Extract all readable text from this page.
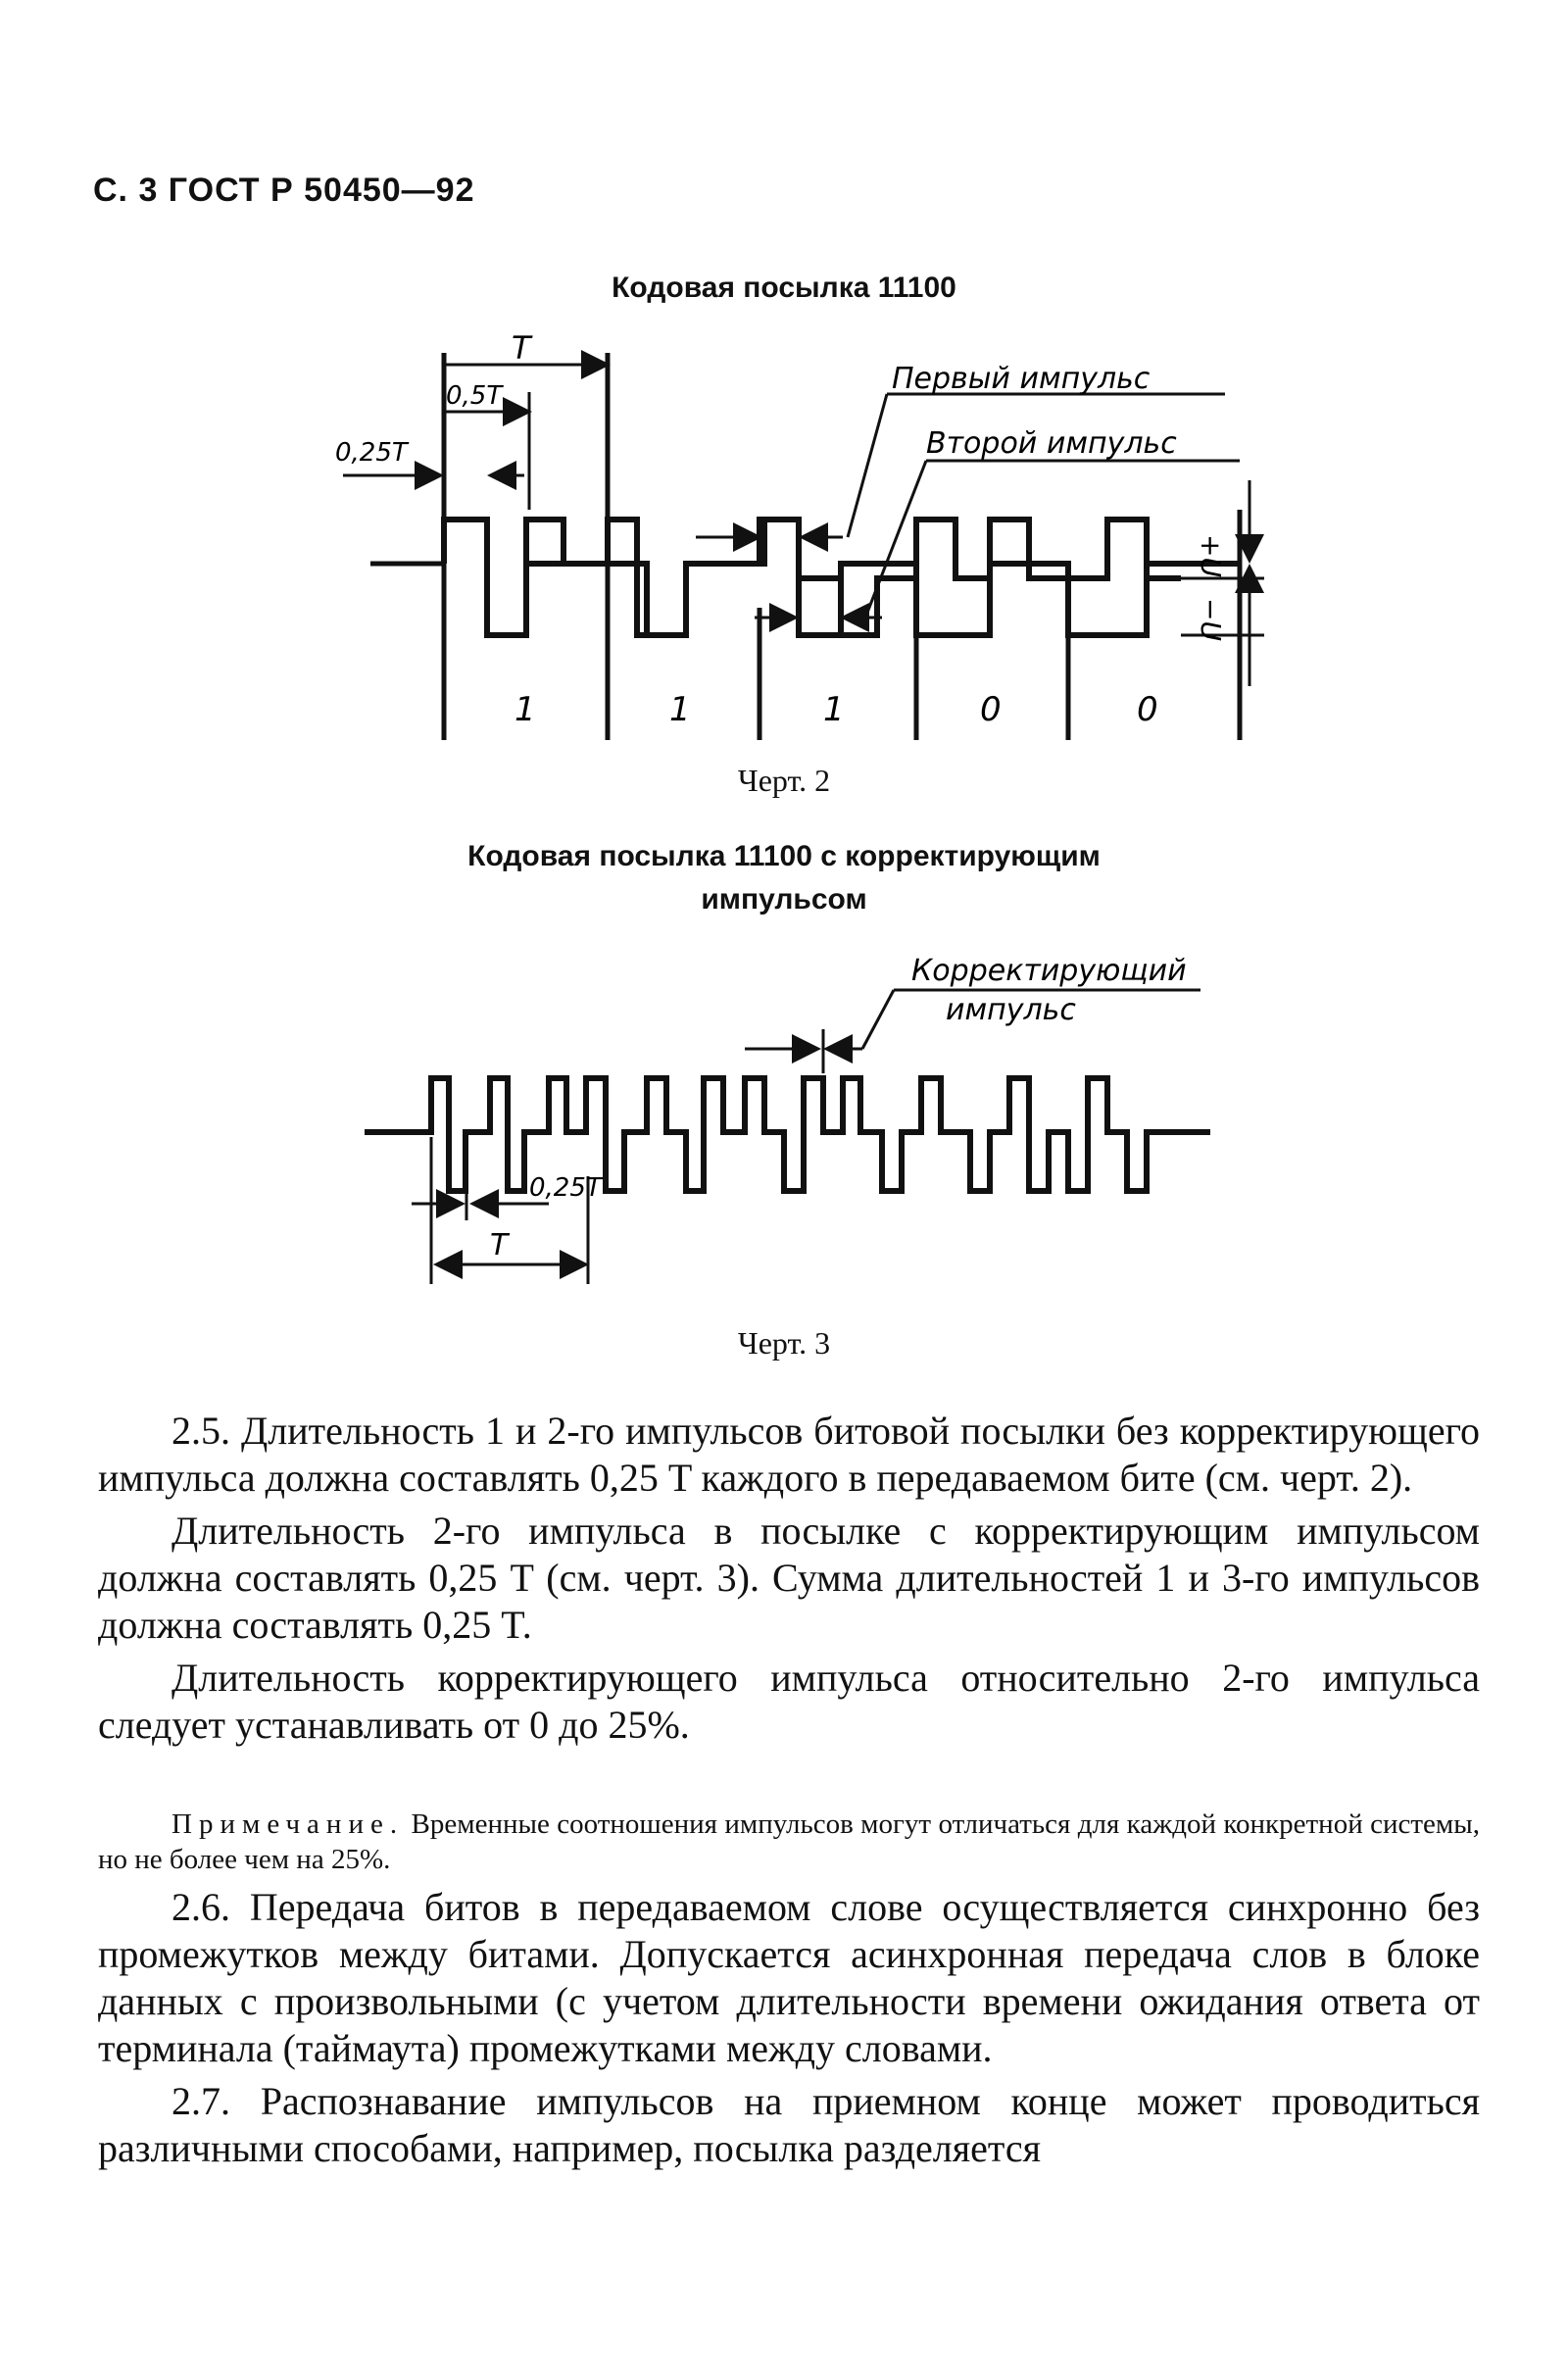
С. 3 ГОСТ Р 50450—92
Кодовая посылка 11100
T
0,5T
0,25T
Первый импульс
Второй импульс
+U
−U
1	1	1	0	0
Черт. 2
Кодовая посылка 11100 с корректирующим
импульсом
Корректирующий
импульс
0,25T
T
Черт. 3

2.5. Длительность 1 и 2-го импульсов битовой посылки без корректирующего импульса должна составлять 0,25 T каждого в передаваемом бите (см. черт. 2).

Длительность 2-го импульса в посылке с корректирующим импульсом должна составлять 0,25 T (см. черт. 3). Сумма длительностей 1 и 3-го импульсов должна составлять 0,25 T.

Длительность корректирующего импульса относительно 2-го импульса следует устанавливать от 0 до 25%.

Примечание. Временные соотношения импульсов могут отличаться для каждой конкретной системы, но не более чем на 25%.

2.6. Передача битов в передаваемом слове осуществляется синхронно без промежутков между битами. Допускается асинхронная передача слов в блоке данных с произвольными (с учетом длительности времени ожидания ответа от терминала (таймаута) промежутками между словами.

2.7. Распознавание импульсов на приемном конце может проводиться различными способами, например, посылка разделяется
